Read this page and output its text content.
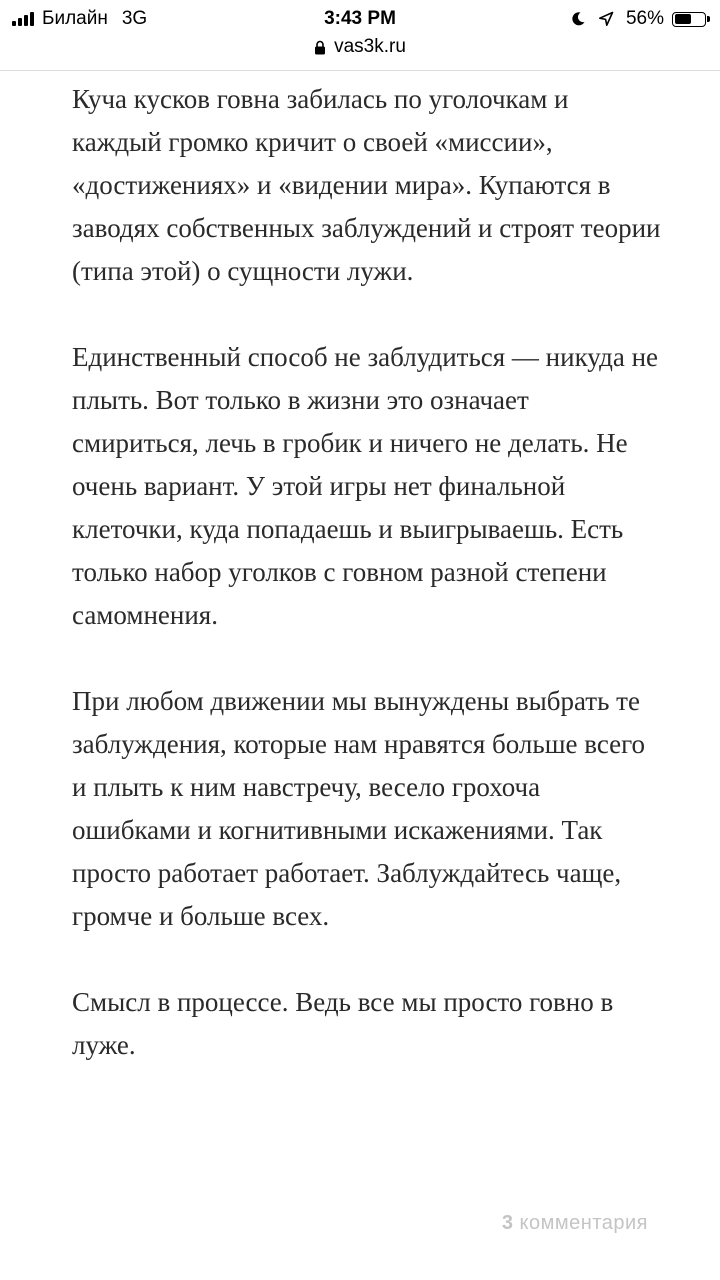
Билайн 3G	3:43 PM	56%
vas3k.ru

Куча кусков говна забилась по уголочкам и каждый громко кричит о своей «миссии», «достижениях» и «видении мира». Купаются в заводях собственных заблуждений и строят теории (типа этой) о сущности лужи.

Единственный способ не заблудиться — никуда не плыть. Вот только в жизни это означает смириться, лечь в гробик и ничего не делать. Не очень вариант. У этой игры нет финальной клеточки, куда попадаешь и выигрываешь. Есть только набор уголков с говном разной степени самомнения.

При любом движении мы вынуждены выбрать те заблуждения, которые нам нравятся больше всего и плыть к ним навстречу, весело грохоча ошибками и когнитивными искажениями. Так просто работает работает. Заблуждайтесь чаще, громче и больше всех.

Смысл в процессе. Ведь все мы просто говно в луже.

3 комментария
